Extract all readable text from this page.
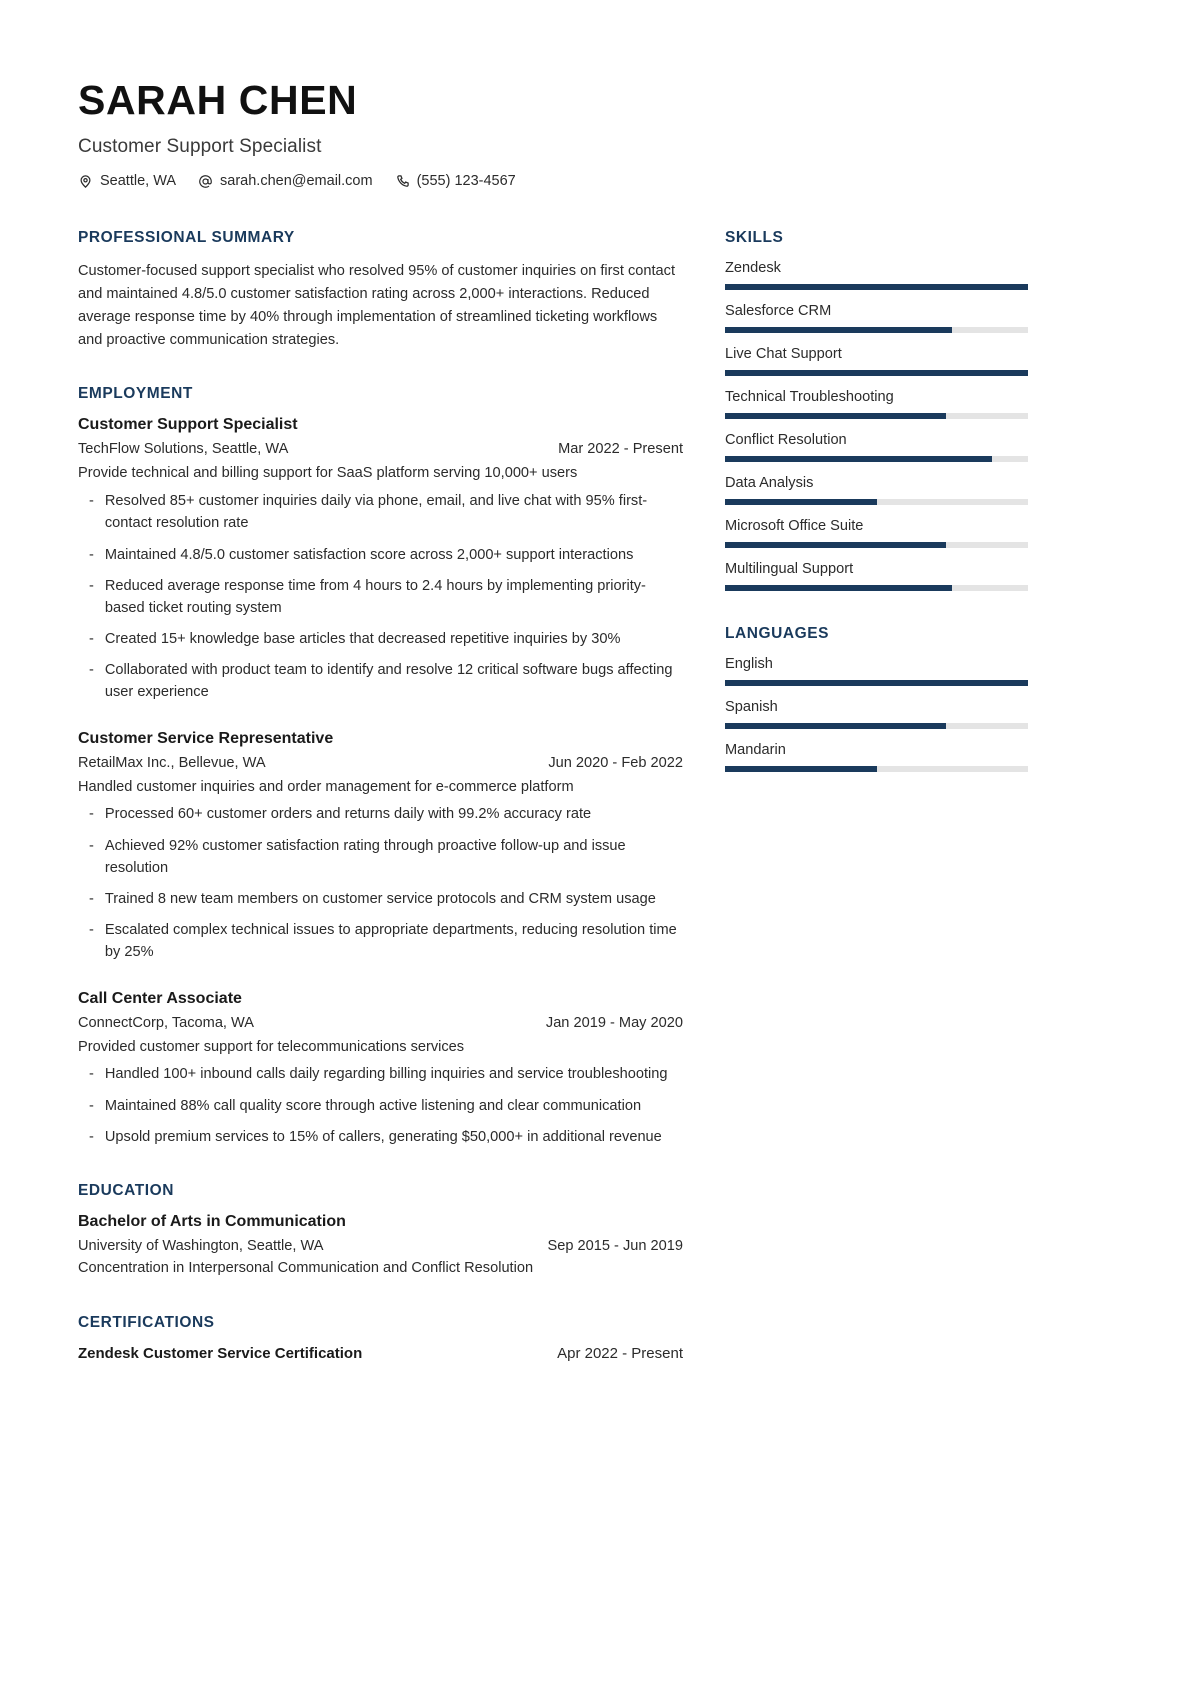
SARAH CHEN
Customer Support Specialist
Seattle, WA	sarah.chen@email.com	(555) 123-4567
PROFESSIONAL SUMMARY
Customer-focused support specialist who resolved 95% of customer inquiries on first contact and maintained 4.8/5.0 customer satisfaction rating across 2,000+ interactions. Reduced average response time by 40% through implementation of streamlined ticketing workflows and proactive communication strategies.
EMPLOYMENT
Customer Support Specialist
TechFlow Solutions, Seattle, WA	Mar 2022 - Present
Provide technical and billing support for SaaS platform serving 10,000+ users
- Resolved 85+ customer inquiries daily via phone, email, and live chat with 95% first-contact resolution rate
- Maintained 4.8/5.0 customer satisfaction score across 2,000+ support interactions
- Reduced average response time from 4 hours to 2.4 hours by implementing priority-based ticket routing system
- Created 15+ knowledge base articles that decreased repetitive inquiries by 30%
- Collaborated with product team to identify and resolve 12 critical software bugs affecting user experience
Customer Service Representative
RetailMax Inc., Bellevue, WA	Jun 2020 - Feb 2022
Handled customer inquiries and order management for e-commerce platform
- Processed 60+ customer orders and returns daily with 99.2% accuracy rate
- Achieved 92% customer satisfaction rating through proactive follow-up and issue resolution
- Trained 8 new team members on customer service protocols and CRM system usage
- Escalated complex technical issues to appropriate departments, reducing resolution time by 25%
Call Center Associate
ConnectCorp, Tacoma, WA	Jan 2019 - May 2020
Provided customer support for telecommunications services
- Handled 100+ inbound calls daily regarding billing inquiries and service troubleshooting
- Maintained 88% call quality score through active listening and clear communication
- Upsold premium services to 15% of callers, generating $50,000+ in additional revenue
EDUCATION
Bachelor of Arts in Communication
University of Washington, Seattle, WA	Sep 2015 - Jun 2019
Concentration in Interpersonal Communication and Conflict Resolution
CERTIFICATIONS
Zendesk Customer Service Certification	Apr 2022 - Present
SKILLS
Zendesk
Salesforce CRM
Live Chat Support
Technical Troubleshooting
Conflict Resolution
Data Analysis
Microsoft Office Suite
Multilingual Support
LANGUAGES
English
Spanish
Mandarin
